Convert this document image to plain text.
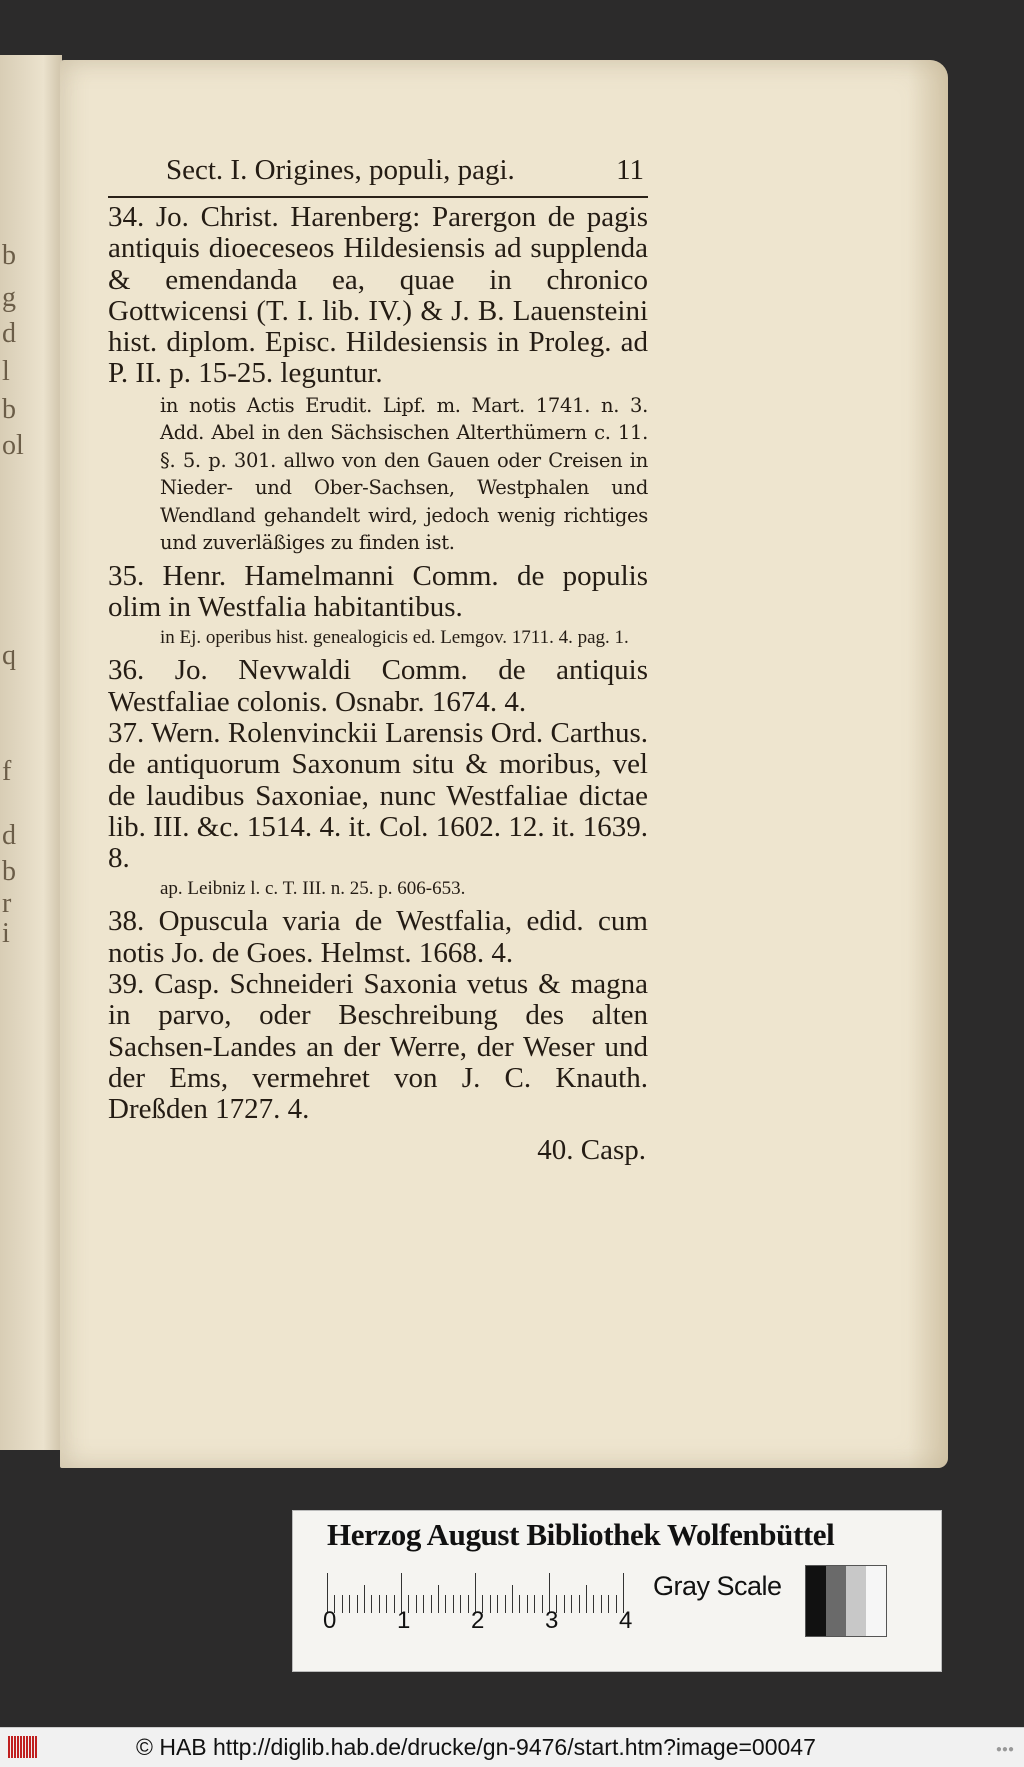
b
g
d
l
b
ol
q
f
d
b
r
i
Sect. I. Origines, populi, pagi.	11

34. Jo. Christ. Harenberg: Parergon de pagis antiquis dioeceseos Hildesiensis ad supplenda & emendanda ea, quae in chronico Gottwicensi (T. I. lib. IV.) & J. B. Lauensteini hist. diplom. Episc. Hildesiensis in Proleg. ad P. II. p. 15-25. leguntur.

in notis Actis Erudit. Lipf. m. Mart. 1741. n. 3. Add. Abel in den Sächsischen Alterthümern c. 11. §. 5. p. 301. allwo von den Gauen oder Creisen in Nieder- und Ober-Sachsen, Westphalen und Wendland gehandelt wird, jedoch wenig richtiges und zuverläßiges zu finden ist.

35. Henr. Hamelmanni Comm. de populis olim in Westfalia habitantibus.

in Ej. operibus hist. genealogicis ed. Lemgov. 1711. 4. pag. 1.

36. Jo. Nevwaldi Comm. de antiquis Westfaliae colonis. Osnabr. 1674. 4.

37. Wern. Rolenvinckii Larensis Ord. Carthus. de antiquorum Saxonum situ & moribus, vel de laudibus Saxoniae, nunc Westfaliae dictae lib. III. &c. 1514. 4. it. Col. 1602. 12. it. 1639. 8.

ap. Leibniz l. c. T. III. n. 25. p. 606-653.

38. Opuscula varia de Westfalia, edid. cum notis Jo. de Goes. Helmst. 1668. 4.

39. Casp. Schneideri Saxonia vetus & magna in parvo, oder Beschreibung des alten Sachsen-Landes an der Werre, der Weser und der Ems, vermehret von J. C. Knauth. Dreßden 1727. 4.

40. Casp.
Herzog August Bibliothek Wolfenbüttel
0	1	2	3	4
Gray Scale
© HAB http://diglib.hab.de/drucke/gn-9476/start.htm?image=00047	●●●
